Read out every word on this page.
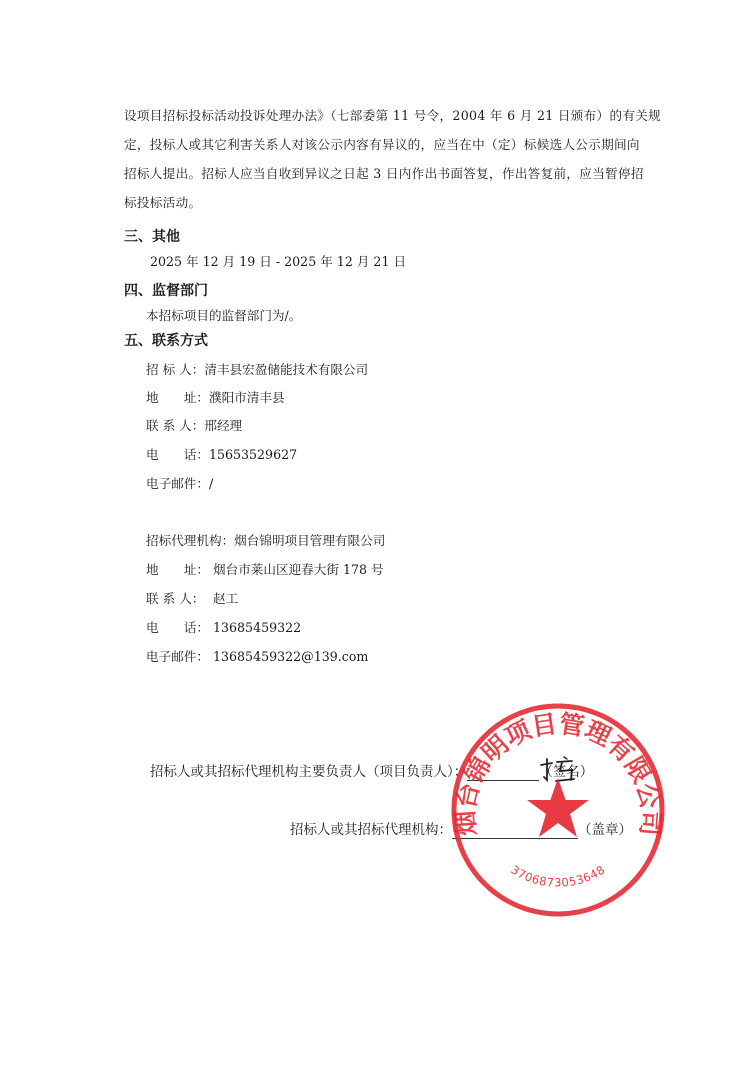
设项目招标投标活动投诉处理办法》（七部委第 11 号令，2004 年 6 月 21 日颁布）的有关规
定，投标人或其它利害关系人对该公示内容有异议的，应当在中（定）标候选人公示期间向
招标人提出。招标人应当自收到异议之日起 3 日内作出书面答复，作出答复前，应当暂停招
标投标活动。
三、其他
2025 年 12 月 19 日 - 2025 年 12 月 21 日
四、监督部门
本招标项目的监督部门为/。
五、联系方式
招 标 人：清丰县宏盈储能技术有限公司
地　　址：濮阳市清丰县
联 系 人：邢经理
电　　话：15653529627
电子邮件：/
招标代理机构：烟台锦明项目管理有限公司
地　　址： 烟台市莱山区迎春大街 178 号
联 系 人： 赵工
电　　话： 13685459322
电子邮件： 13685459322@139.com
招标人或其招标代理机构主要负责人（项目负责人）：	（签名）
招标人或其招标代理机构：	（盖章）
烟台锦明项目管理有限公司
3706873053648
